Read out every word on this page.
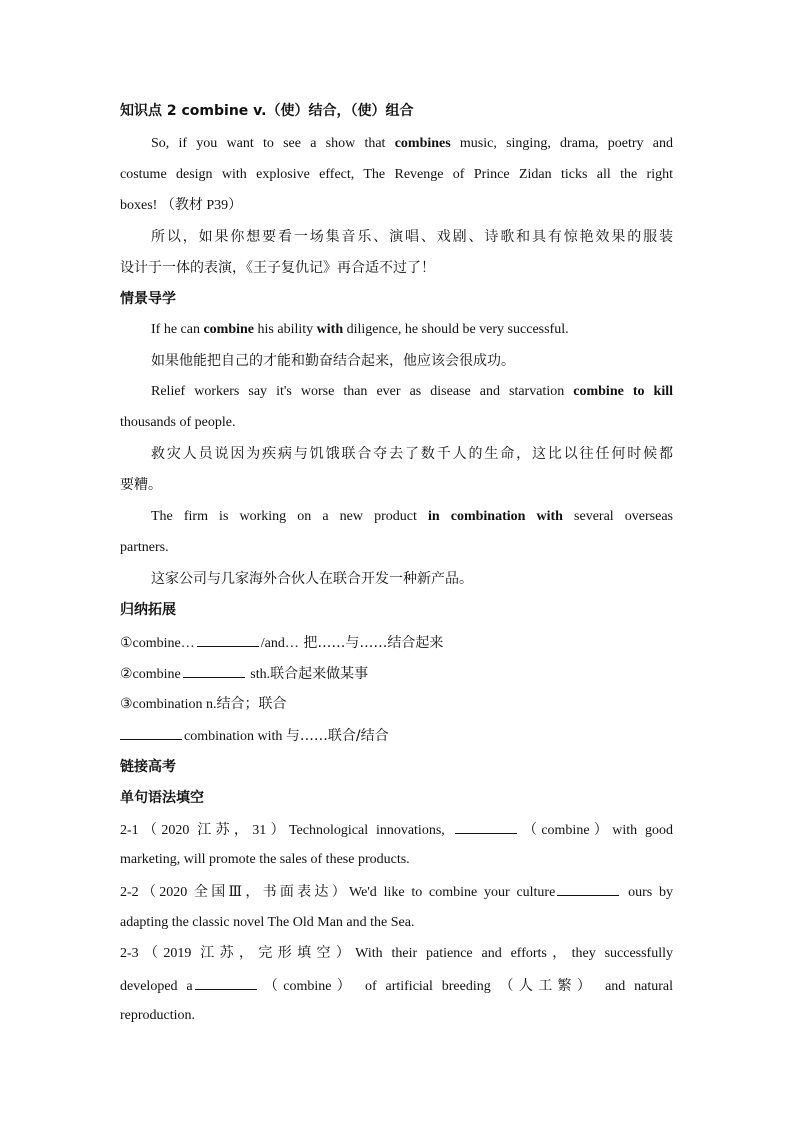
知识点 2 combine v.（使）结合，（使）组合
So, if you want to see a show that combines music, singing, drama, poetry and
costume design with explosive effect, The Revenge of Prince Zidan ticks all the right
boxes! （教材 P39）
所以，如果你想要看一场集音乐、演唱、戏剧、诗歌和具有惊艳效果的服装
设计于一体的表演，《王子复仇记》再合适不过了！
情景导学
If he can combine his ability with diligence, he should be very successful.
如果他能把自己的才能和勤奋结合起来，他应该会很成功。
Relief workers say it's worse than ever as disease and starvation combine to kill
thousands of people.
救灾人员说因为疾病与饥饿联合夺去了数千人的生命，这比以往任何时候都
要糟。
The firm is working on a new product in combination with several overseas
partners.
这家公司与几家海外合伙人在联合开发一种新产品。
归纳拓展
①combine…	/and… 把……与……结合起来
②combine	sth.联合起来做某事
③combination n.结合；联合
combination with 与……联合/结合
链接高考
单句语法填空
2-1（2020 江苏，31）Technological innovations,	（combine）with good
marketing, will promote the sales of these products.
2-2（2020 全国Ⅲ，书面表达）We'd like to combine your culture	ours by
adapting the classic novel The Old Man and the Sea.
2-3（2019 江苏，完形填空）With their patience and efforts，they successfully
developed a	（combine） of artificial breeding （人工繁） and natural
reproduction.
